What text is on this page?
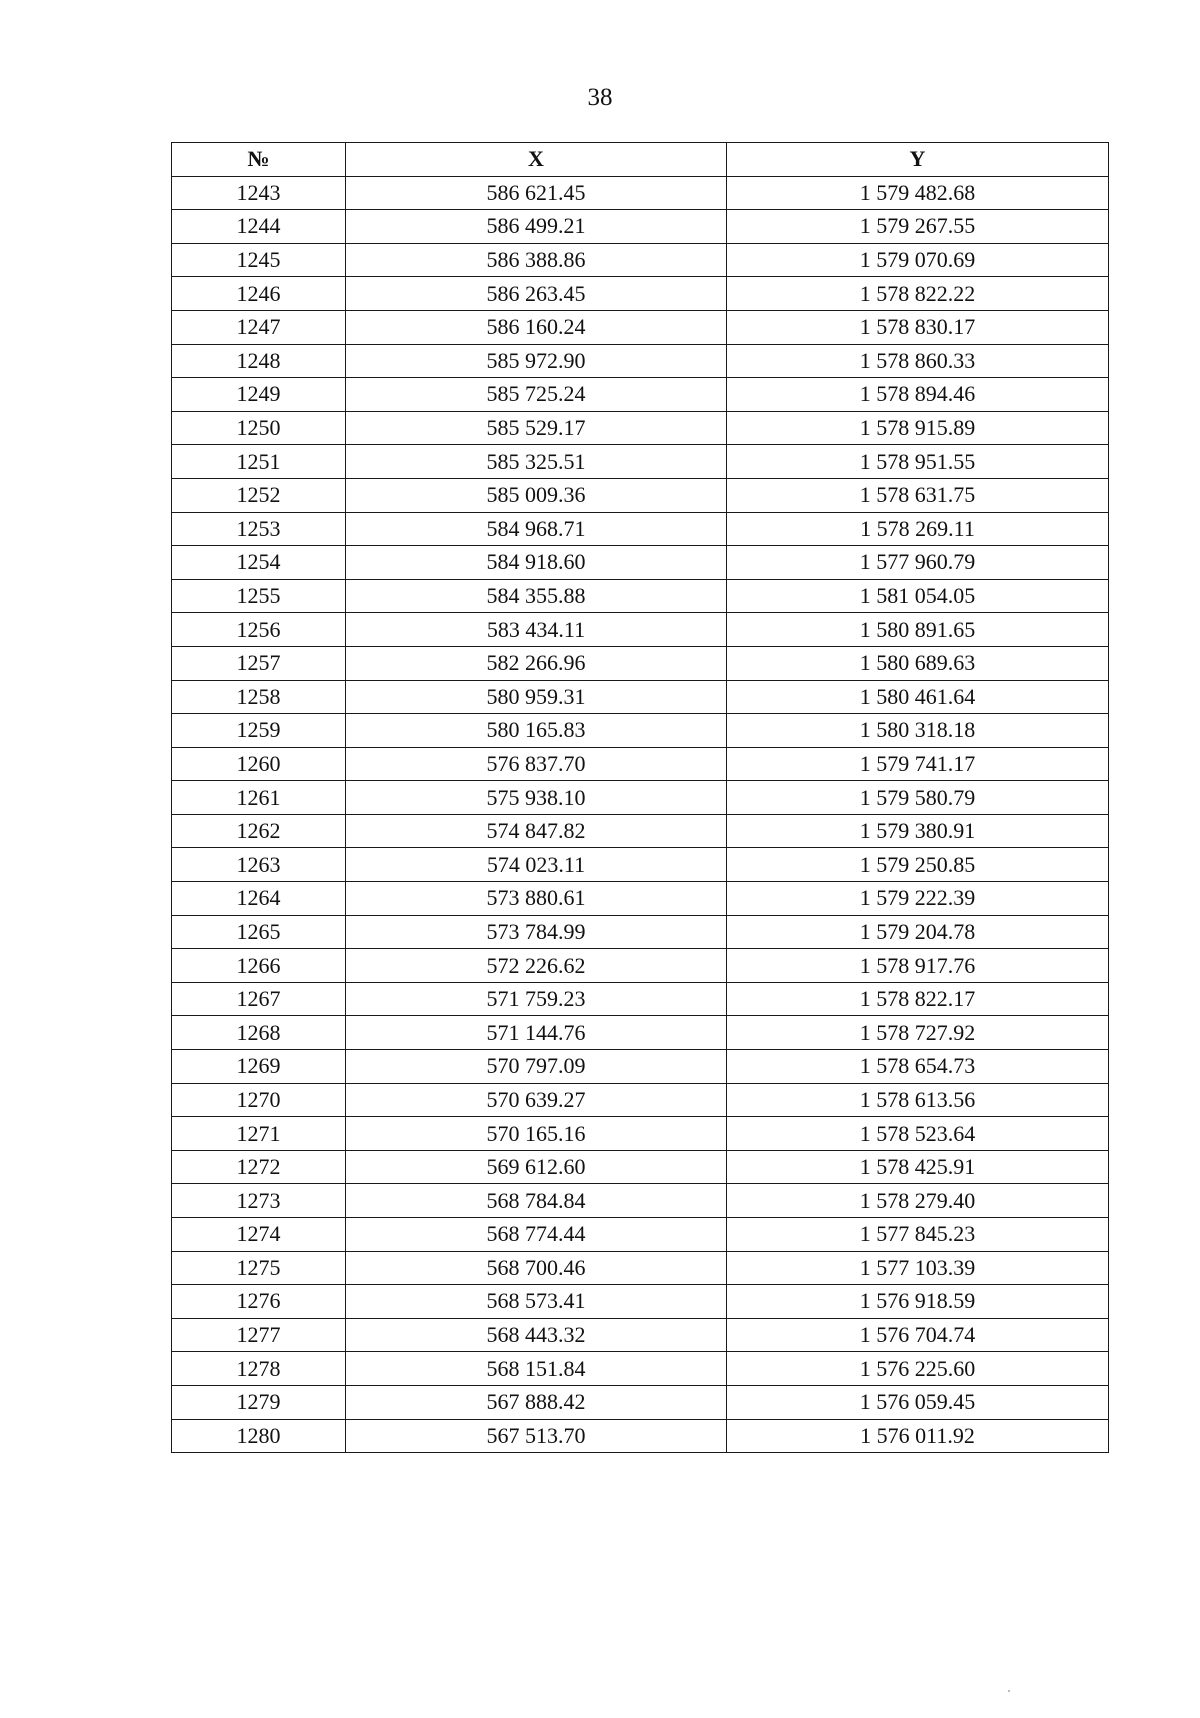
38
№	X	Y
1243	586 621.45	1 579 482.68
1244	586 499.21	1 579 267.55
1245	586 388.86	1 579 070.69
1246	586 263.45	1 578 822.22
1247	586 160.24	1 578 830.17
1248	585 972.90	1 578 860.33
1249	585 725.24	1 578 894.46
1250	585 529.17	1 578 915.89
1251	585 325.51	1 578 951.55
1252	585 009.36	1 578 631.75
1253	584 968.71	1 578 269.11
1254	584 918.60	1 577 960.79
1255	584 355.88	1 581 054.05
1256	583 434.11	1 580 891.65
1257	582 266.96	1 580 689.63
1258	580 959.31	1 580 461.64
1259	580 165.83	1 580 318.18
1260	576 837.70	1 579 741.17
1261	575 938.10	1 579 580.79
1262	574 847.82	1 579 380.91
1263	574 023.11	1 579 250.85
1264	573 880.61	1 579 222.39
1265	573 784.99	1 579 204.78
1266	572 226.62	1 578 917.76
1267	571 759.23	1 578 822.17
1268	571 144.76	1 578 727.92
1269	570 797.09	1 578 654.73
1270	570 639.27	1 578 613.56
1271	570 165.16	1 578 523.64
1272	569 612.60	1 578 425.91
1273	568 784.84	1 578 279.40
1274	568 774.44	1 577 845.23
1275	568 700.46	1 577 103.39
1276	568 573.41	1 576 918.59
1277	568 443.32	1 576 704.74
1278	568 151.84	1 576 225.60
1279	567 888.42	1 576 059.45
1280	567 513.70	1 576 011.92
